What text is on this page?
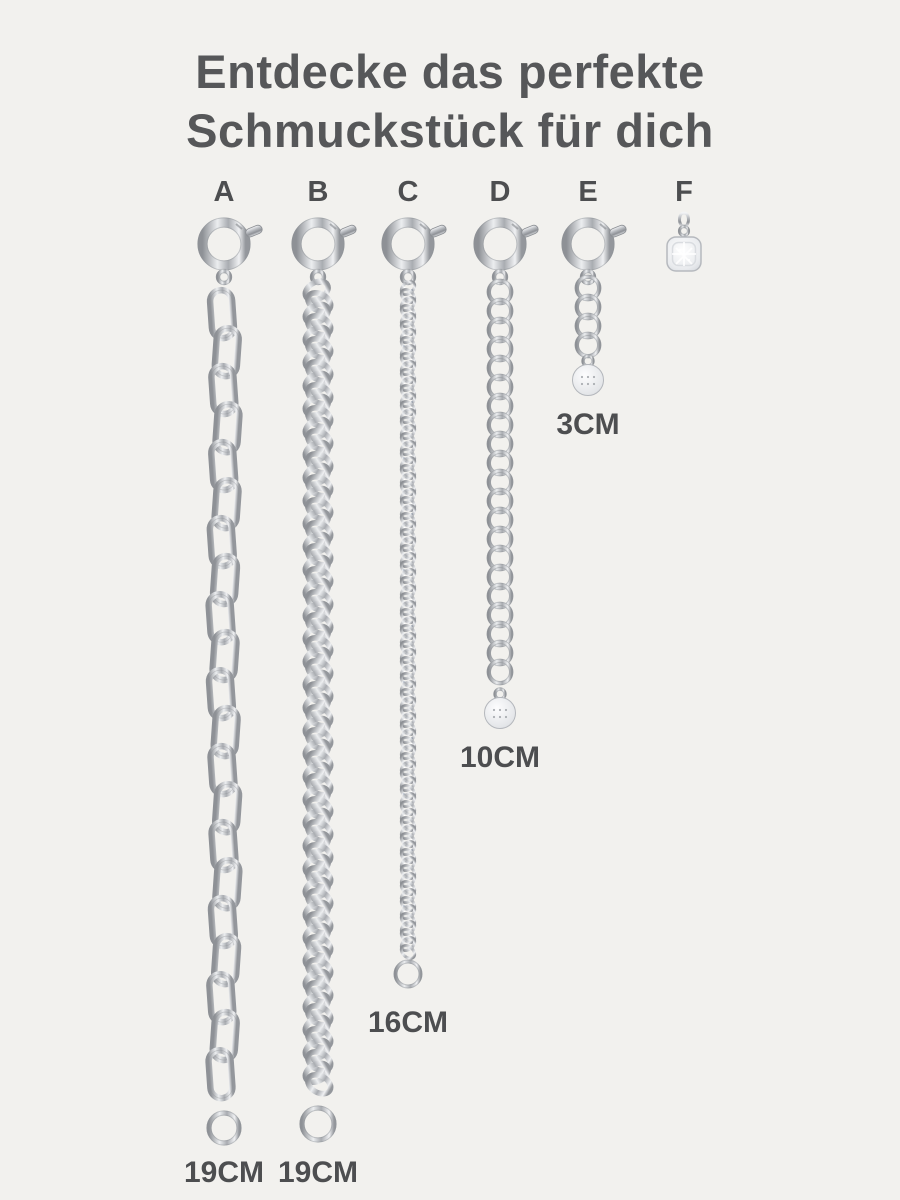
Entdecke das perfekte
Schmuckstück für dich
A
19CM
B
19CM
C
16CM
D
10CM
E
3CM
F
